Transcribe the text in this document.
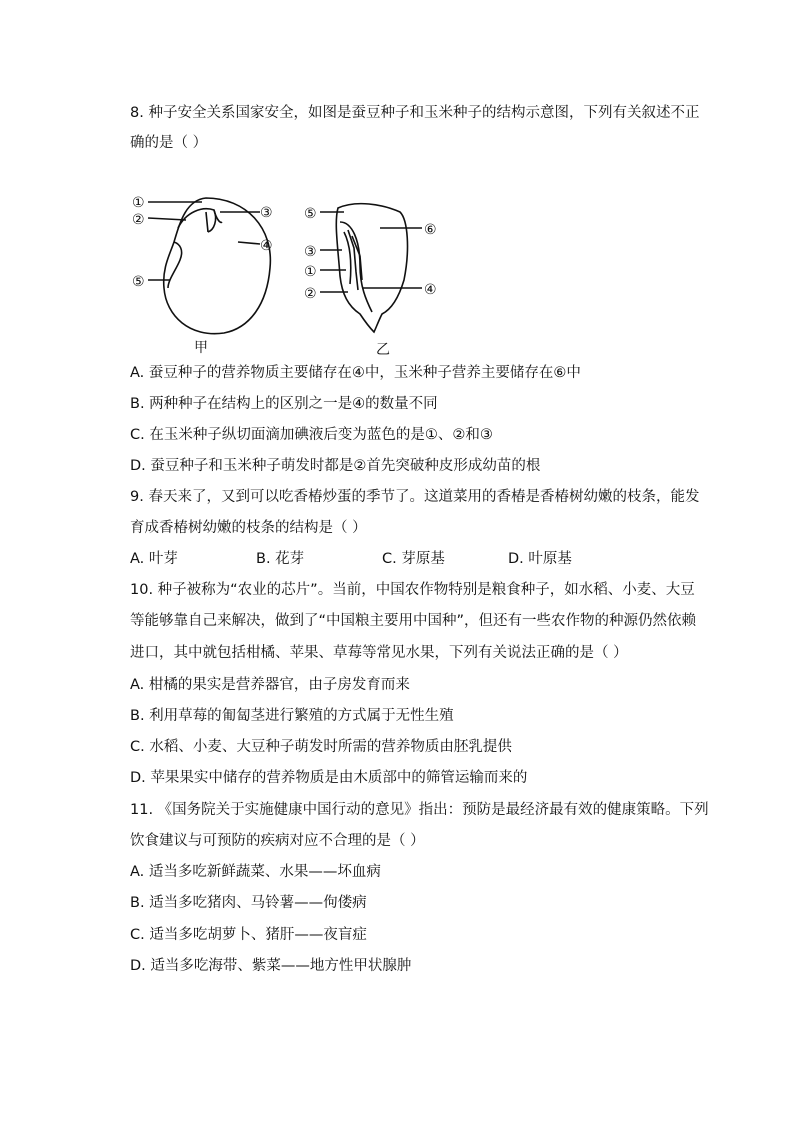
8. 种子安全关系国家安全，如图是蚕豆种子和玉米种子的结构示意图，下列有关叙述不正
确的是（ ）
①
②	③
④
⑤
甲
⑤
⑥
③
①
②	④
乙
A. 蚕豆种子的营养物质主要储存在④中，玉米种子营养主要储存在⑥中
B. 两种种子在结构上的区别之一是④的数量不同
C. 在玉米种子纵切面滴加碘液后变为蓝色的是①、②和③
D. 蚕豆种子和玉米种子萌发时都是②首先突破种皮形成幼苗的根
9. 春天来了，又到可以吃香椿炒蛋的季节了。这道菜用的香椿是香椿树幼嫩的枝条，能发
育成香椿树幼嫩的枝条的结构是（ ）
A. 叶芽	B. 花芽	C. 芽原基	D. 叶原基
10. 种子被称为“农业的芯片”。当前，中国农作物特别是粮食种子，如水稻、小麦、大豆
等能够靠自己来解决，做到了“中国粮主要用中国种”，但还有一些农作物的种源仍然依赖
进口，其中就包括柑橘、苹果、草莓等常见水果，下列有关说法正确的是（ ）
A. 柑橘的果实是营养器官，由子房发育而来
B. 利用草莓的匍匐茎进行繁殖的方式属于无性生殖
C. 水稻、小麦、大豆种子萌发时所需的营养物质由胚乳提供
D. 苹果果实中储存的营养物质是由木质部中的筛管运输而来的
11. 《国务院关于实施健康中国行动的意见》指出：预防是最经济最有效的健康策略。下列
饮食建议与可预防的疾病对应不合理的是（ ）
A. 适当多吃新鲜蔬菜、水果——坏血病
B. 适当多吃猪肉、马铃薯——佝偻病
C. 适当多吃胡萝卜、猪肝——夜盲症
D. 适当多吃海带、紫菜——地方性甲状腺肿
